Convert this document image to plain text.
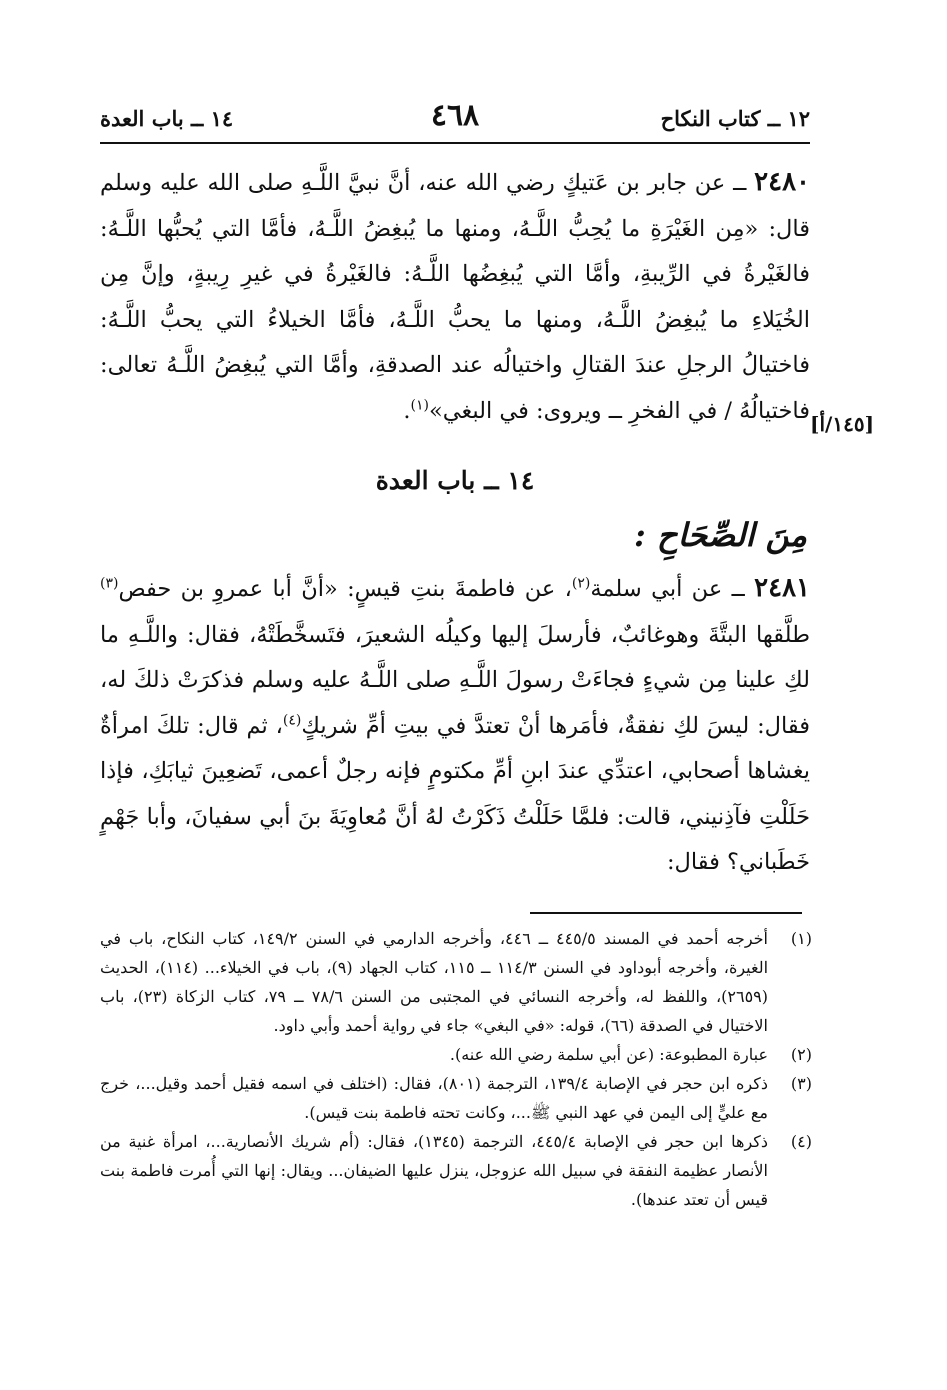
١٢ ــ كتاب النكاح
٤٦٨
١٤ ــ باب العدة

٢٤٨٠ ــ عن جابر بن عَتيكٍ رضي الله عنه، أنَّ نبيَّ اللَّـهِ صلى الله عليه وسلم قال: «مِن الغَيْرَةِ ما يُحِبُّ اللَّـهُ، ومنها ما يُبغِضُ اللَّـهُ، فأمَّا التي يُحبُّها اللَّـهُ: فالغَيْرةُ في الرِّيبةِ، وأمَّا التي يُبغِضُها اللَّـهُ: فالغَيْرةُ في غيرِ رِيبةٍ، وإنَّ مِن الخُيَلاءِ ما يُبغِضُ اللَّـهُ، ومنها ما يحبُّ اللَّـهُ، فأمَّا الخيلاءُ التي يحبُّ اللَّـهُ: فاختيالُ الرجلِ عندَ القتالِ واختيالُه عند الصدقةِ، وأمَّا التي يُبغِضُ اللَّـهُ تعالى: فاختيالُهُ / في الفخرِ ــ ويروى: في البغي»$^{(١)}$.

[١٤٥/أ]
١٤ ــ باب العدة
مِنَ الصِّحَاحِ :

٢٤٨١ ــ عن أبي سلمة$^{(٢)}$، عن فاطمةَ بنتِ قيسٍ: «أنَّ أبا عمروِ بن حفص$^{(٣)}$ طلَّقها البتَّةَ وهوغائبٌ، فأرسلَ إليها وكيلُه الشعيرَ، فتَسخَّطَتْهُ، فقال: واللَّـهِ ما لكِ علينا مِن شيءٍ فجاءَتْ رسولَ اللَّـهِ صلى اللَّـهُ عليه وسلم فذكرَتْ ذلكَ له، فقال: ليسَ لكِ نفقةٌ، فأمَرها أنْ تعتدَّ في بيتِ أمِّ شريكٍ$^{(٤)}$، ثم قال: تلكَ امرأةٌ يغشاها أصحابي، اعتدِّي عندَ ابنِ أمِّ مكتومٍ فإنه رجلٌ أعمى، تَضعِينَ ثيابَكِ، فإذا حَلَلْتِ فآذِنيني، قالت: فلمَّا حَلَلْتُ ذَكَرْتُ لهُ أنَّ مُعاوِيَةَ بنَ أبي سفيانَ، وأبا جَهْمٍ خَطَباني؟ فقال:

(١)
أخرجه أحمد في المسند ٤٤٥/٥ ــ ٤٤٦، وأخرجه الدارمي في السنن ١٤٩/٢، كتاب النكاح، باب في الغيرة، وأخرجه أبوداود في السنن ١١٤/٣ ــ ١١٥، كتاب الجهاد (٩)، باب في الخيلاء... (١١٤)، الحديث (٢٦٥٩)، واللفظ له، وأخرجه النسائي في المجتبى من السنن ٧٨/٦ ــ ٧٩، كتاب الزكاة (٢٣)، باب الاختيال في الصدقة (٦٦)، قوله: «في البغي» جاء في رواية أحمد وأبي داود.

(٢)
عبارة المطبوعة: (عن أبي سلمة رضي الله عنه).

(٣)
ذكره ابن حجر في الإصابة ١٣٩/٤، الترجمة (٨٠١)، فقال: (اختلف في اسمه فقيل أحمد وقيل...، خرج مع عليٍّ إلى اليمن في عهد النبي ﷺ...، وكانت تحته فاطمة بنت قيس).

(٤)
ذكرها ابن حجر في الإصابة ٤٤٥/٤، الترجمة (١٣٤٥)، فقال: (أم شريك الأنصارية...، امرأة غنية من الأنصار عظيمة النفقة في سبيل الله عزوجل، ينزل عليها الضيفان... ويقال: إنها التي أُمرت فاطمة بنت قيس أن تعتد عندها).
